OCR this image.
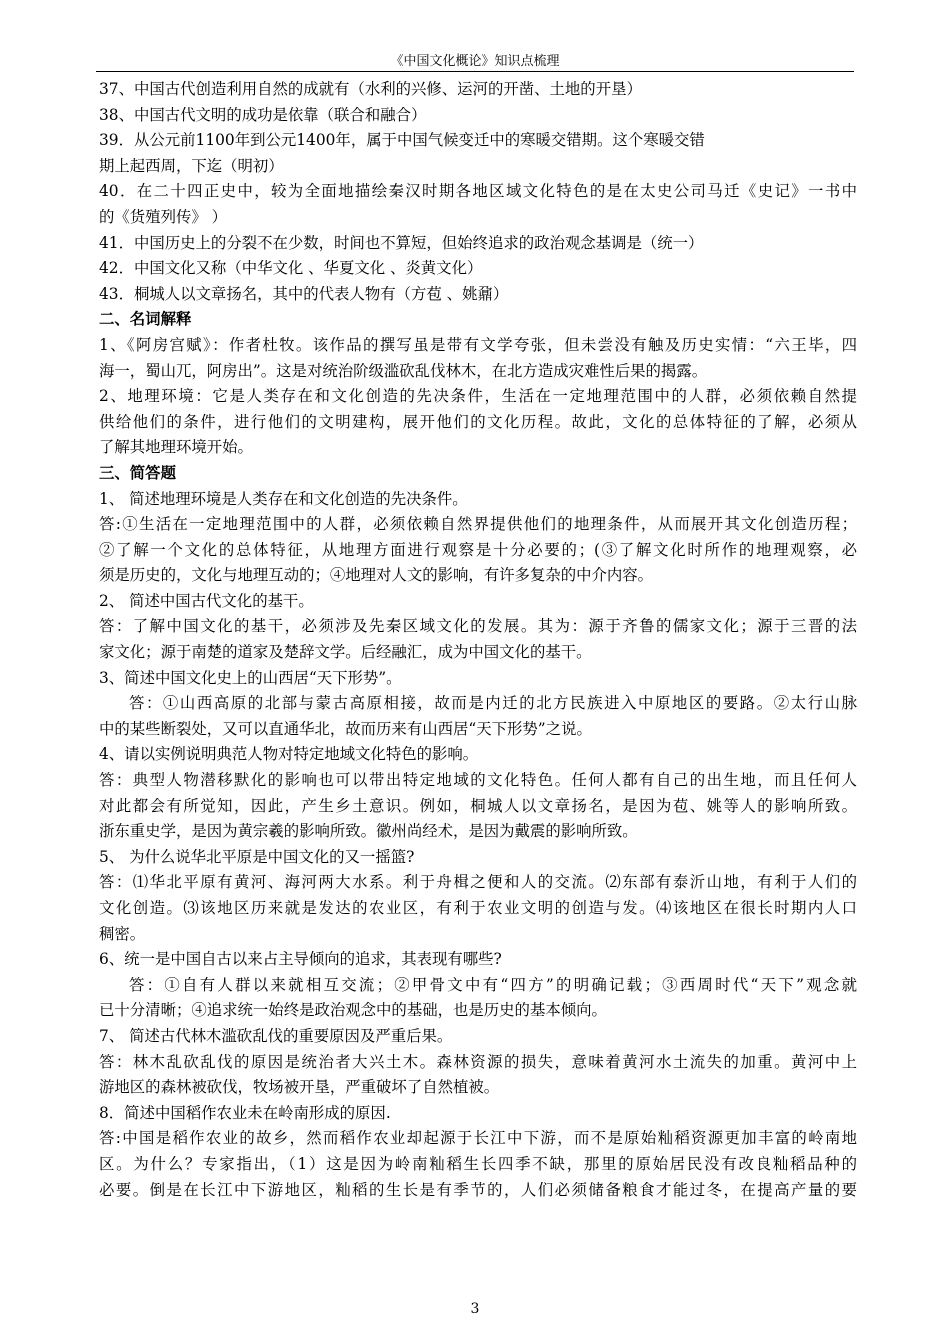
《中国文化概论》知识点梳理
37、中国古代创造利用自然的成就有（水利的兴修、运河的开凿、土地的开垦）
38、中国古代文明的成功是依靠（联合和融合）
39．从公元前1100年到公元1400年，属于中国气候变迁中的寒暖交错期。这个寒暖交错
期上起西周，下迄（明初）
40．在二十四正史中，较为全面地描绘秦汉时期各地区域文化特色的是在太史公司马迁《史记》一书中
的《货殖列传》 ）
41．中国历史上的分裂不在少数，时间也不算短，但始终追求的政治观念基调是（统一）
42．中国文化又称（中华文化 、华夏文化 、炎黄文化）
43．桐城人以文章扬名，其中的代表人物有（方苞 、姚鼐）
二、名词解释
1、《阿房宫赋》：作者杜牧。该作品的撰写虽是带有文学夸张，但未尝没有触及历史实情：“六王毕，四
海一，蜀山兀，阿房出”。这是对统治阶级滥砍乱伐林木，在北方造成灾难性后果的揭露。
2、地理环境：它是人类存在和文化创造的先决条件，生活在一定地理范围中的人群，必须依赖自然提
供给他们的条件，进行他们的文明建构，展开他们的文化历程。故此，文化的总体特征的了解，必须从
了解其地理环境开始。
三、简答题
1、 简述地理环境是人类存在和文化创造的先决条件。
答:①生活在一定地理范围中的人群，必须依赖自然界提供他们的地理条件，从而展开其文化创造历程；
②了解一个文化的总体特征，从地理方面进行观察是十分必要的；(③了解文化时所作的地理观察，必
须是历史的，文化与地理互动的；④地理对人文的影响，有许多复杂的中介内容。
2、 简述中国古代文化的基干。
答：了解中国文化的基干，必须涉及先秦区域文化的发展。其为：源于齐鲁的儒家文化；源于三晋的法
家文化；源于南楚的道家及楚辞文学。后经融汇，成为中国文化的基干。
3、简述中国文化史上的山西居“天下形势”。
答：①山西高原的北部与蒙古高原相接，故而是内迁的北方民族进入中原地区的要路。②太行山脉
中的某些断裂处，又可以直通华北，故而历来有山西居“天下形势”之说。
4、请以实例说明典范人物对特定地域文化特色的影响。
答：典型人物潜移默化的影响也可以带出特定地域的文化特色。任何人都有自己的出生地，而且任何人
对此都会有所觉知，因此，产生乡土意识。例如，桐城人以文章扬名，是因为苞、姚等人的影响所致。
浙东重史学，是因为黄宗羲的影响所致。徽州尚经术，是因为戴震的影响所致。
5、 为什么说华北平原是中国文化的又一摇篮?
答：⑴华北平原有黄河、海河两大水系。利于舟楫之便和人的交流。⑵东部有泰沂山地，有利于人们的
文化创造。⑶该地区历来就是发达的农业区，有利于农业文明的创造与发。⑷该地区在很长时期内人口
稠密。
6、统一是中国自古以来占主导倾向的追求，其表现有哪些?
答：①自有人群以来就相互交流；②甲骨文中有“四方”的明确记载；③西周时代“天下”观念就
已十分清晰；④追求统一始终是政治观念中的基础，也是历史的基本倾向。
7、 简述古代林木滥砍乱伐的重要原因及严重后果。
答：林木乱砍乱伐的原因是统治者大兴土木。森林资源的损失，意味着黄河水土流失的加重。黄河中上
游地区的森林被砍伐，牧场被开垦，严重破坏了自然植被。
8．简述中国稻作农业未在岭南形成的原因.
答:中国是稻作农业的故乡，然而稻作农业却起源于长江中下游，而不是原始籼稻资源更加丰富的岭南地
区。为什么？专家指出，（1）这是因为岭南籼稻生长四季不缺，那里的原始居民没有改良籼稻品种的
必要。倒是在长江中下游地区，籼稻的生长是有季节的，人们必须储备粮食才能过冬，在提高产量的要
3
